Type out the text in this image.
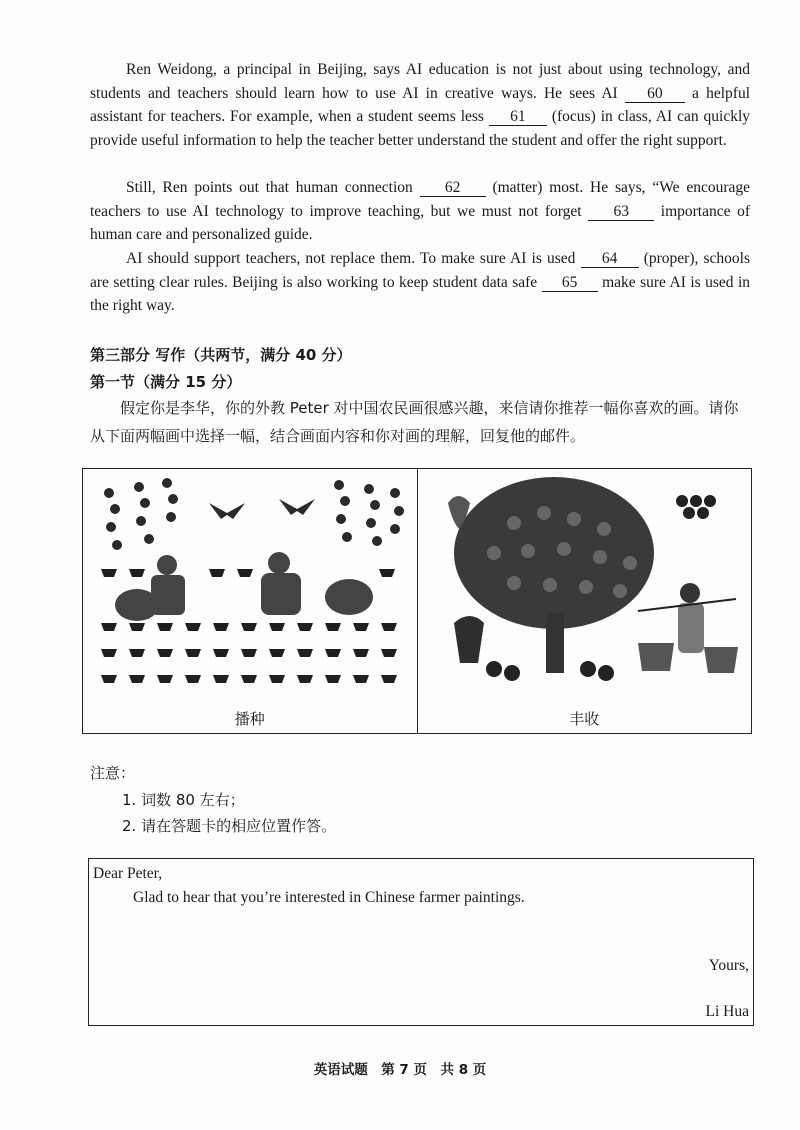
Ren Weidong, a principal in Beijing, says AI education is not just about using technology, and students and teachers should learn how to use AI in creative ways. He sees AI 60 a helpful assistant for teachers. For example, when a student seems less 61 (focus) in class, AI can quickly provide useful information to help the teacher better understand the student and offer the right support.
Still, Ren points out that human connection 62 (matter) most. He says, “We encourage teachers to use AI technology to improve teaching, but we must not forget 63 importance of human care and personalized guide.
AI should support teachers, not replace them. To make sure AI is used 64 (proper), schools are setting clear rules. Beijing is also working to keep student data safe 65 make sure AI is used in the right way.
第三部分 写作（共两节，满分 40 分）
第一节（满分 15 分）
假定你是李华，你的外教 Peter 对中国农民画很感兴趣，来信请你推荐一幅你喜欢的画。请你从下面两幅画中选择一幅，结合画面内容和你对画的理解，回复他的邮件。
播种	丰收
注意：
1. 词数 80 左右；
2. 请在答题卡的相应位置作答。
Dear Peter,
Glad to hear that you’re interested in Chinese farmer paintings.
Yours,
Li Hua
英语试题　第 7 页　共 8 页
